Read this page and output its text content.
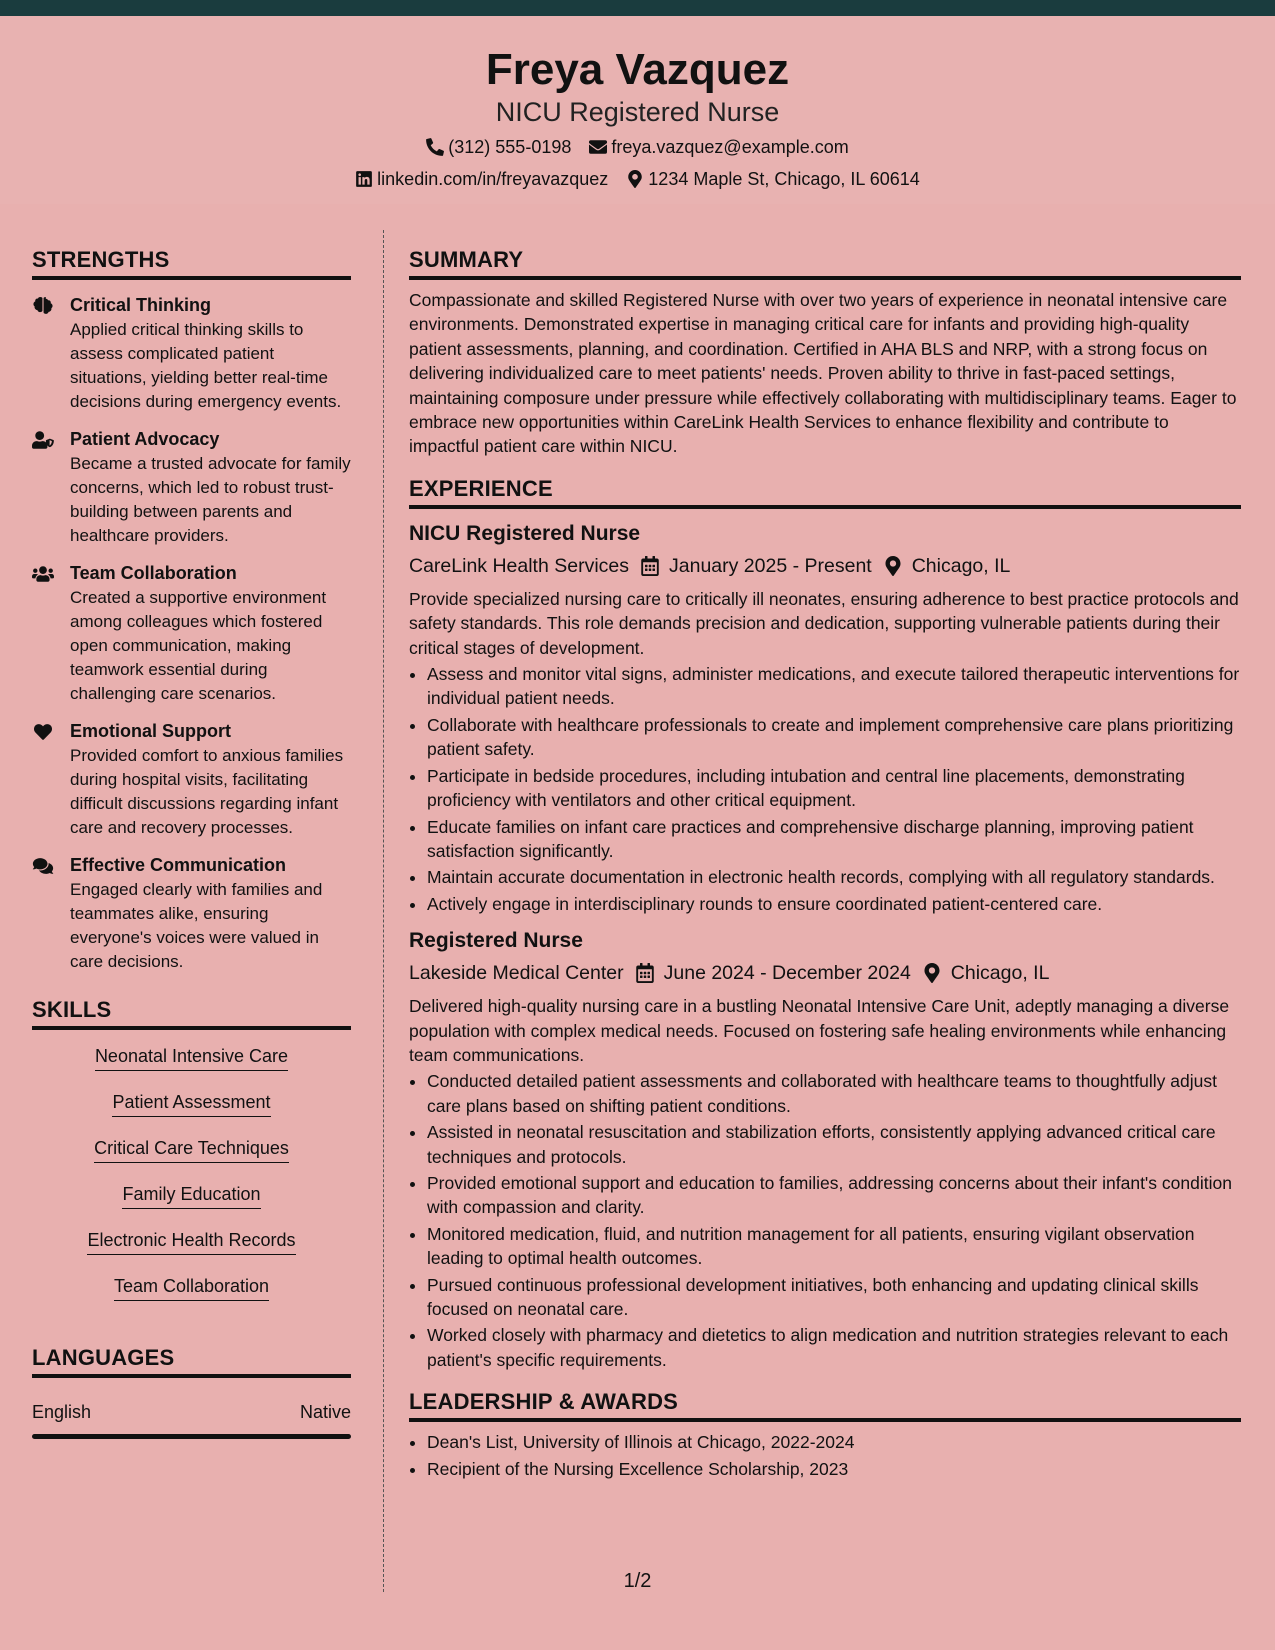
Freya Vazquez
NICU Registered Nurse
(312) 555-0198 freya.vazquez@example.com
linkedin.com/in/freyavazquez 1234 Maple St, Chicago, IL 60614
STRENGTHS
Critical Thinking
Applied critical thinking skills to assess complicated patient situations, yielding better real-time decisions during emergency events.
Patient Advocacy
Became a trusted advocate for family concerns, which led to robust trust-building between parents and healthcare providers.
Team Collaboration
Created a supportive environment among colleagues which fostered open communication, making teamwork essential during challenging care scenarios.
Emotional Support
Provided comfort to anxious families during hospital visits, facilitating difficult discussions regarding infant care and recovery processes.
Effective Communication
Engaged clearly with families and teammates alike, ensuring everyone's voices were valued in care decisions.
SKILLS
Neonatal Intensive Care
Patient Assessment
Critical Care Techniques
Family Education
Electronic Health Records
Team Collaboration
LANGUAGES
English	Native
SUMMARY
Compassionate and skilled Registered Nurse with over two years of experience in neonatal intensive care environments. Demonstrated expertise in managing critical care for infants and providing high-quality patient assessments, planning, and coordination. Certified in AHA BLS and NRP, with a strong focus on delivering individualized care to meet patients' needs. Proven ability to thrive in fast-paced settings, maintaining composure under pressure while effectively collaborating with multidisciplinary teams. Eager to embrace new opportunities within CareLink Health Services to enhance flexibility and contribute to impactful patient care within NICU.
EXPERIENCE
NICU Registered Nurse
CareLink Health Services January 2025 - Present Chicago, IL
Provide specialized nursing care to critically ill neonates, ensuring adherence to best practice protocols and safety standards. This role demands precision and dedication, supporting vulnerable patients during their critical stages of development.
• Assess and monitor vital signs, administer medications, and execute tailored therapeutic interventions for individual patient needs.
• Collaborate with healthcare professionals to create and implement comprehensive care plans prioritizing patient safety.
• Participate in bedside procedures, including intubation and central line placements, demonstrating proficiency with ventilators and other critical equipment.
• Educate families on infant care practices and comprehensive discharge planning, improving patient satisfaction significantly.
• Maintain accurate documentation in electronic health records, complying with all regulatory standards.
• Actively engage in interdisciplinary rounds to ensure coordinated patient-centered care.
Registered Nurse
Lakeside Medical Center June 2024 - December 2024 Chicago, IL
Delivered high-quality nursing care in a bustling Neonatal Intensive Care Unit, adeptly managing a diverse population with complex medical needs. Focused on fostering safe healing environments while enhancing team communications.
• Conducted detailed patient assessments and collaborated with healthcare teams to thoughtfully adjust care plans based on shifting patient conditions.
• Assisted in neonatal resuscitation and stabilization efforts, consistently applying advanced critical care techniques and protocols.
• Provided emotional support and education to families, addressing concerns about their infant's condition with compassion and clarity.
• Monitored medication, fluid, and nutrition management for all patients, ensuring vigilant observation leading to optimal health outcomes.
• Pursued continuous professional development initiatives, both enhancing and updating clinical skills focused on neonatal care.
• Worked closely with pharmacy and dietetics to align medication and nutrition strategies relevant to each patient's specific requirements.
LEADERSHIP & AWARDS
• Dean's List, University of Illinois at Chicago, 2022-2024
• Recipient of the Nursing Excellence Scholarship, 2023
1/2
